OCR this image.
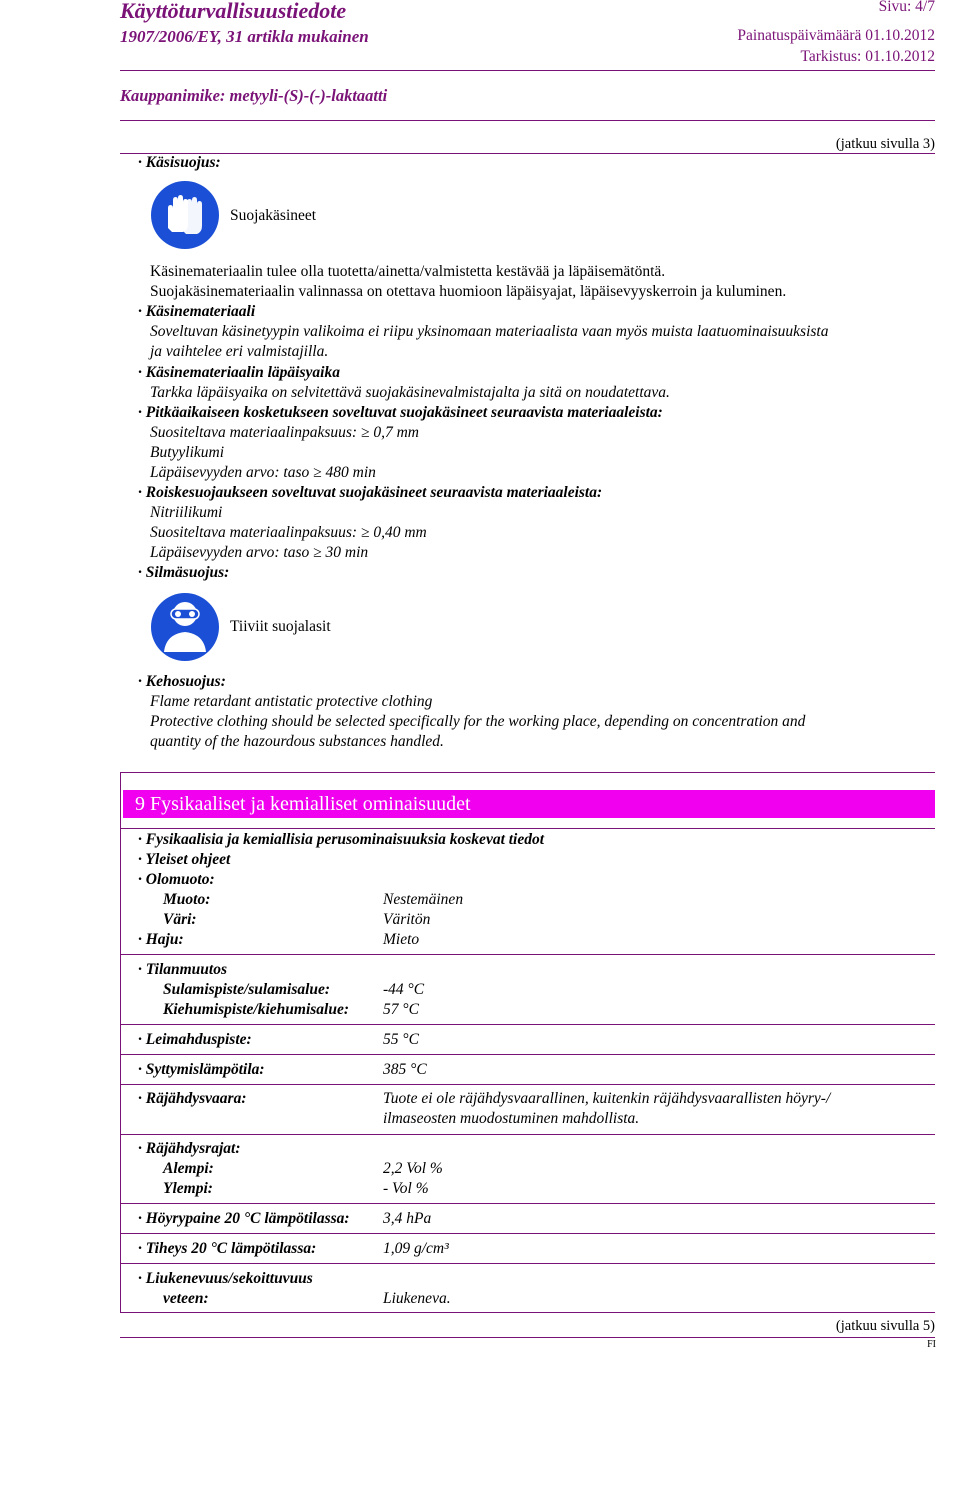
Käyttöturvallisuustiedote
1907/2006/EY, 31 artikla mukainen
Sivu: 4/7
Painatuspäivämäärä 01.10.2012
Tarkistus: 01.10.2012
Kauppanimike: metyyli-(S)-(-)-laktaatti
(jatkuu sivulla 3)
· Käsisuojus:
Suojakäsineet
Käsinemateriaalin tulee olla tuotetta/ainetta/valmistetta kestävää ja läpäisemätöntä.
Suojakäsinemateriaalin valinnassa on otettava huomioon läpäisyajat, läpäisevyyskerroin ja kuluminen.
· Käsinemateriaali
Soveltuvan käsinetyypin valikoima ei riipu yksinomaan materiaalista vaan myös muista laatuominaisuuksista
ja vaihtelee eri valmistajilla.
· Käsinemateriaalin läpäisyaika
Tarkka läpäisyaika on selvitettävä suojakäsinevalmistajalta ja sitä on noudatettava.
· Pitkäaikaiseen kosketukseen soveltuvat suojakäsineet seuraavista materiaaleista:
Suositeltava materiaalinpaksuus: ≥ 0,7 mm
Butyylikumi
Läpäisevyyden arvo: taso ≥ 480 min
· Roiskesuojaukseen soveltuvat suojakäsineet seuraavista materiaaleista:
Nitriilikumi
Suositeltava materiaalinpaksuus: ≥ 0,40 mm
Läpäisevyyden arvo: taso ≥ 30 min
· Silmäsuojus:
Tiiviit suojalasit
· Kehosuojus:
Flame retardant antistatic protective clothing
Protective clothing should be selected specifically for the working place, depending on concentration and
quantity of the hazourdous substances handled.
9 Fysikaaliset ja kemialliset ominaisuudet
· Fysikaalisia ja kemiallisia perusominaisuuksia koskevat tiedot
· Yleiset ohjeet
· Olomuoto:
Muoto:	Nestemäinen
Väri:	Väritön
· Haju:	Mieto
· Tilanmuutos
Sulamispiste/sulamisalue:	-44 °C
Kiehumispiste/kiehumisalue: 57 °C
· Leimahduspiste:	55 °C
· Syttymislämpötila:	385 °C
· Räjähdysvaara:	Tuote ei ole räjähdysvaarallinen, kuitenkin räjähdysvaarallisten höyry-/
ilmaseosten muodostuminen mahdollista.
· Räjähdysrajat:
Alempi:	2,2 Vol %
Ylempi:	- Vol %
· Höyrypaine 20 °C lämpötilassa: 3,4 hPa
· Tiheys 20 °C lämpötilassa:	1,09 g/cm³
· Liukenevuus/sekoittuvuus
veteen:	Liukeneva.
(jatkuu sivulla 5)
FI
